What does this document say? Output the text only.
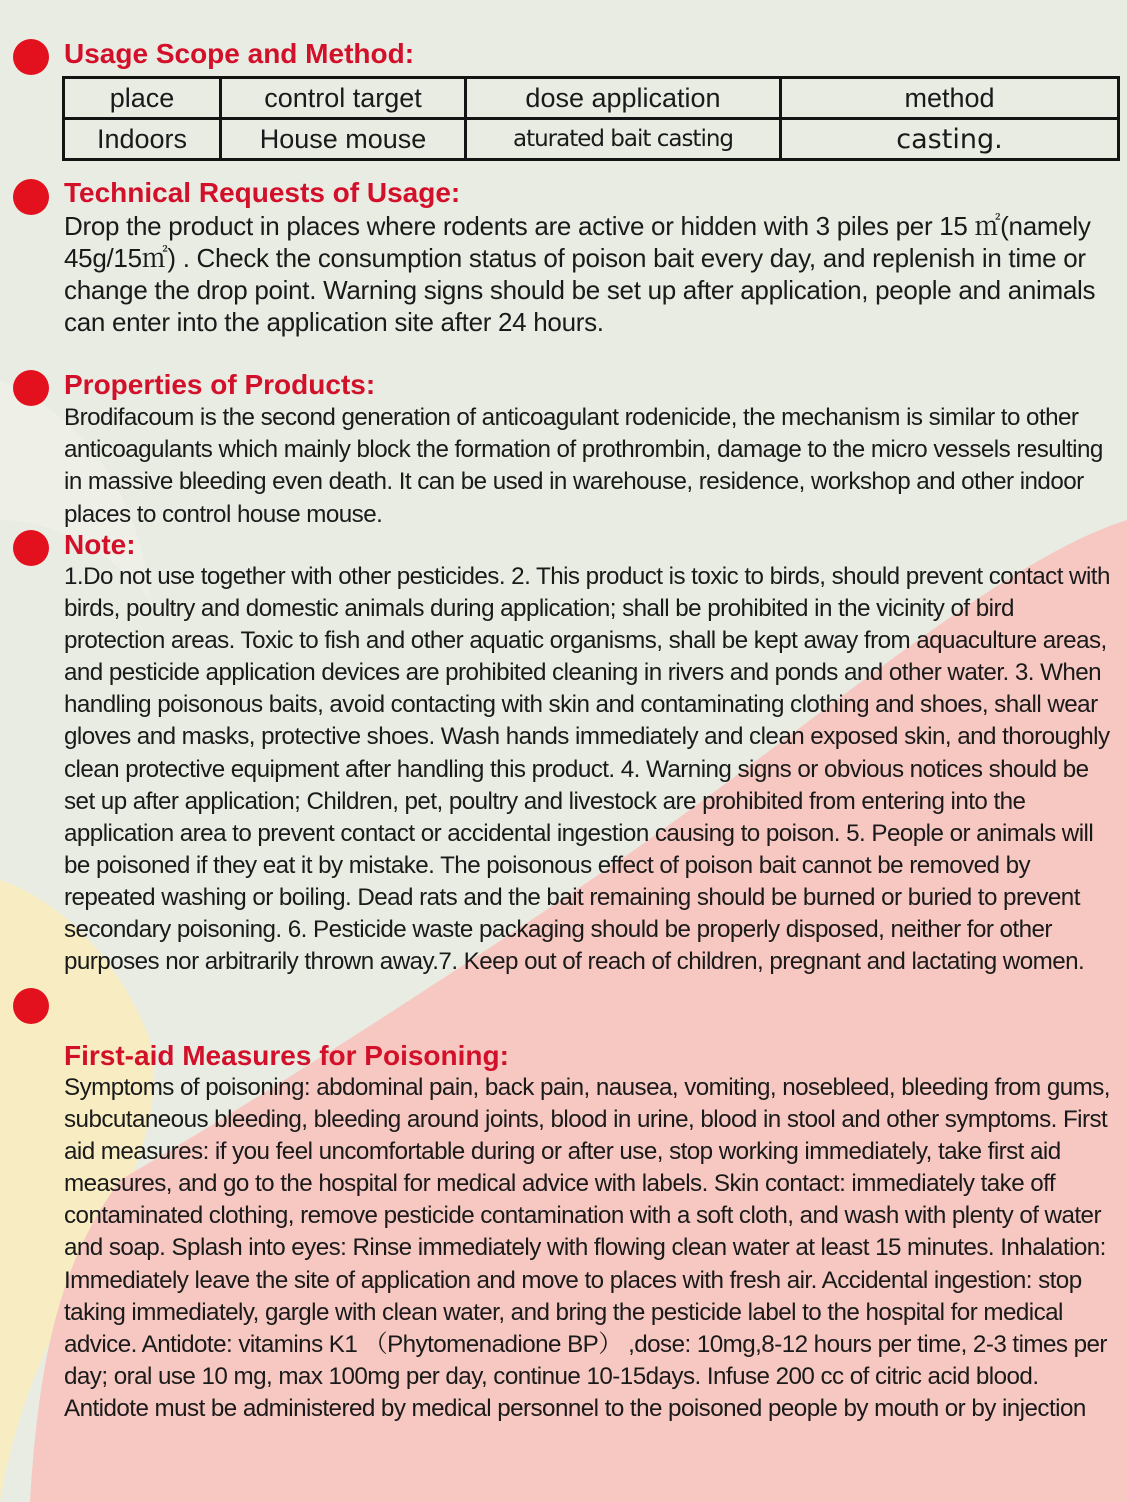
Usage Scope and Method:
place	control target	dose application	method
Indoors	House mouse	aturated bait casting	casting.
Technical Requests of Usage:

Drop the product in places where rodents are active or hidden with 3 piles per 15 ㎡(namely 45g/15㎡) . Check the consumption status of poison bait every day, and replenish in time or change the drop point. Warning signs should be set up after application, people and animals can enter into the application site after 24 hours.

Properties of Products:

Brodifacoum is the second generation of anticoagulant rodenicide, the mechanism is similar to other anticoagulants which mainly block the formation of prothrombin, damage to the micro vessels resulting in massive bleeding even death. It can be used in warehouse, residence, workshop and other indoor places to control house mouse.

Note:

1.Do not use together with other pesticides. 2. This product is toxic to birds, should prevent contact with birds, poultry and domestic animals during application; shall be prohibited in the vicinity of bird protection areas. Toxic to fish and other aquatic organisms, shall be kept away from aquaculture areas, and pesticide application devices are prohibited cleaning in rivers and ponds and other water. 3. When handling poisonous baits, avoid contacting with skin and contaminating clothing and shoes, shall wear gloves and masks, protective shoes. Wash hands immediately and clean exposed skin, and thoroughly clean protective equipment after handling this product. 4. Warning signs or obvious notices should be set up after application; Children, pet, poultry and livestock are prohibited from entering into the application area to prevent contact or accidental ingestion causing to poison. 5. People or animals will be poisoned if they eat it by mistake. The poisonous effect of poison bait cannot be removed by repeated washing or boiling. Dead rats and the bait remaining should be burned or buried to prevent secondary poisoning. 6. Pesticide waste packaging should be properly disposed, neither for other purposes nor arbitrarily thrown away.7. Keep out of reach of children, pregnant and lactating women.

First-aid Measures for Poisoning:

Symptoms of poisoning: abdominal pain, back pain, nausea, vomiting, nosebleed, bleeding from gums, subcutaneous bleeding, bleeding around joints, blood in urine, blood in stool and other symptoms. First aid measures: if you feel uncomfortable during or after use, stop working immediately, take first aid measures, and go to the hospital for medical advice with labels. Skin contact: immediately take off contaminated clothing, remove pesticide contamination with a soft cloth, and wash with plenty of water and soap. Splash into eyes: Rinse immediately with flowing clean water at least 15 minutes. Inhalation: Immediately leave the site of application and move to places with fresh air. Accidental ingestion: stop taking immediately, gargle with clean water, and bring the pesticide label to the hospital for medical advice. Antidote: vitamins K1 （Phytomenadione BP） ,dose: 10mg,8-12 hours per time, 2-3 times per day; oral use 10 mg, max 100mg per day, continue 10-15days. Infuse 200 cc of citric acid blood. Antidote must be administered by medical personnel to the poisoned people by mouth or by injection
